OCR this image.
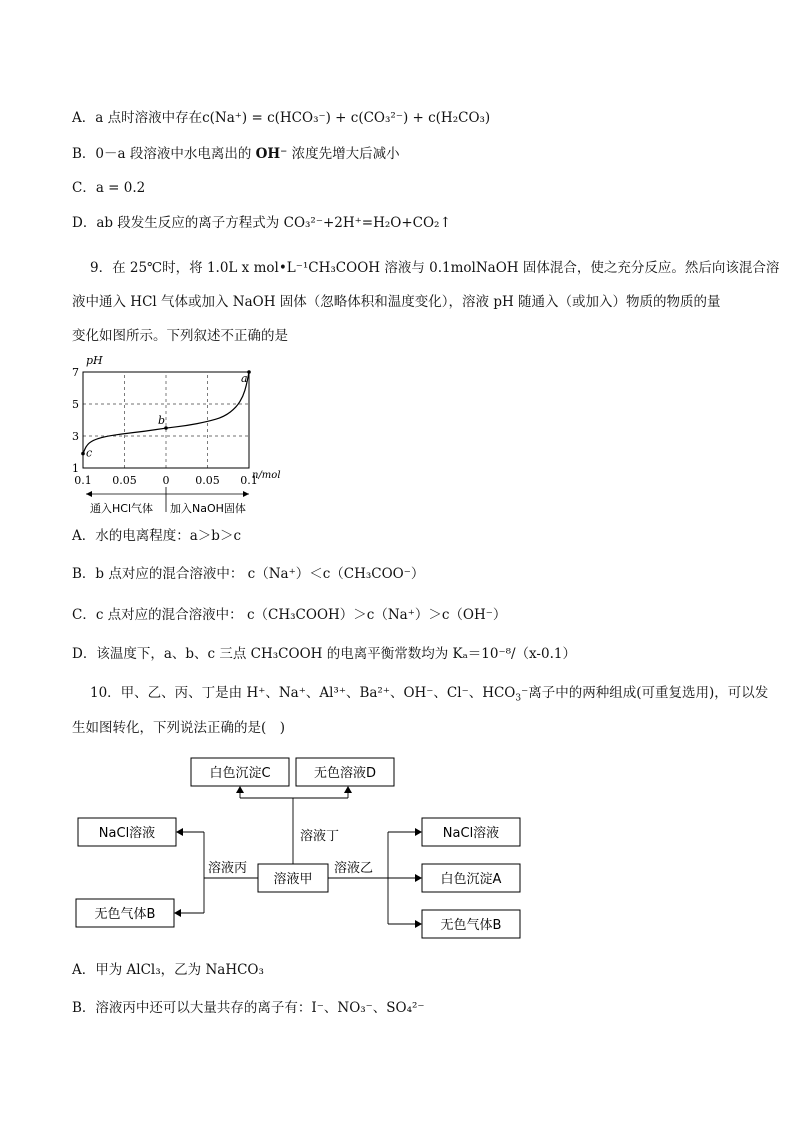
A．a 点时溶液中存在c(Na⁺) = c(HCO₃⁻) + c(CO₃²⁻) + c(H₂CO₃)
B．0－a 段溶液中水电离出的 OH⁻ 浓度先增大后减小
C．a = 0.2
D．ab 段发生反应的离子方程式为 CO₃²⁻+2H⁺=H₂O+CO₂↑
9．在 25℃时，将 1.0L x mol•L⁻¹CH₃COOH 溶液与 0.1molNaOH 固体混合，使之充分反应。然后向该混合溶
液中通入 HCl 气体或加入 NaOH 固体（忽略体积和温度变化），溶液 pH 随通入（或加入）物质的物质的量
变化如图所示。下列叙述不正确的是
pH
n/mol
1
3
5
7
0.1 0.05 0 0.05 0.1
c
b
a
通入HCl气体 加入NaOH固体
A．水的电离程度：a＞b＞c
B．b 点对应的混合溶液中： c（Na⁺）＜c（CH₃COO⁻）
C．c 点对应的混合溶液中： c（CH₃COOH）＞c（Na⁺）＞c（OH⁻）
D．该温度下，a、b、c 三点 CH₃COOH 的电离平衡常数均为 Kₐ＝10⁻⁸/（x-0.1）
10．甲、乙、丙、丁是由 H⁺、Na⁺、Al³⁺、Ba²⁺、OH⁻、Cl⁻、$HCO_3^-$离子中的两种组成(可重复选用)，可以发
生如图转化，下列说法正确的是(　)
白色沉淀C	无色溶液D
NaCl溶液
无色气体B
溶液甲
NaCl溶液
白色沉淀A
无色气体B
溶液丁
溶液丙	溶液乙
A．甲为 AlCl₃，乙为 NaHCO₃
B．溶液丙中还可以大量共存的离子有：I⁻、NO₃⁻、SO₄²⁻
